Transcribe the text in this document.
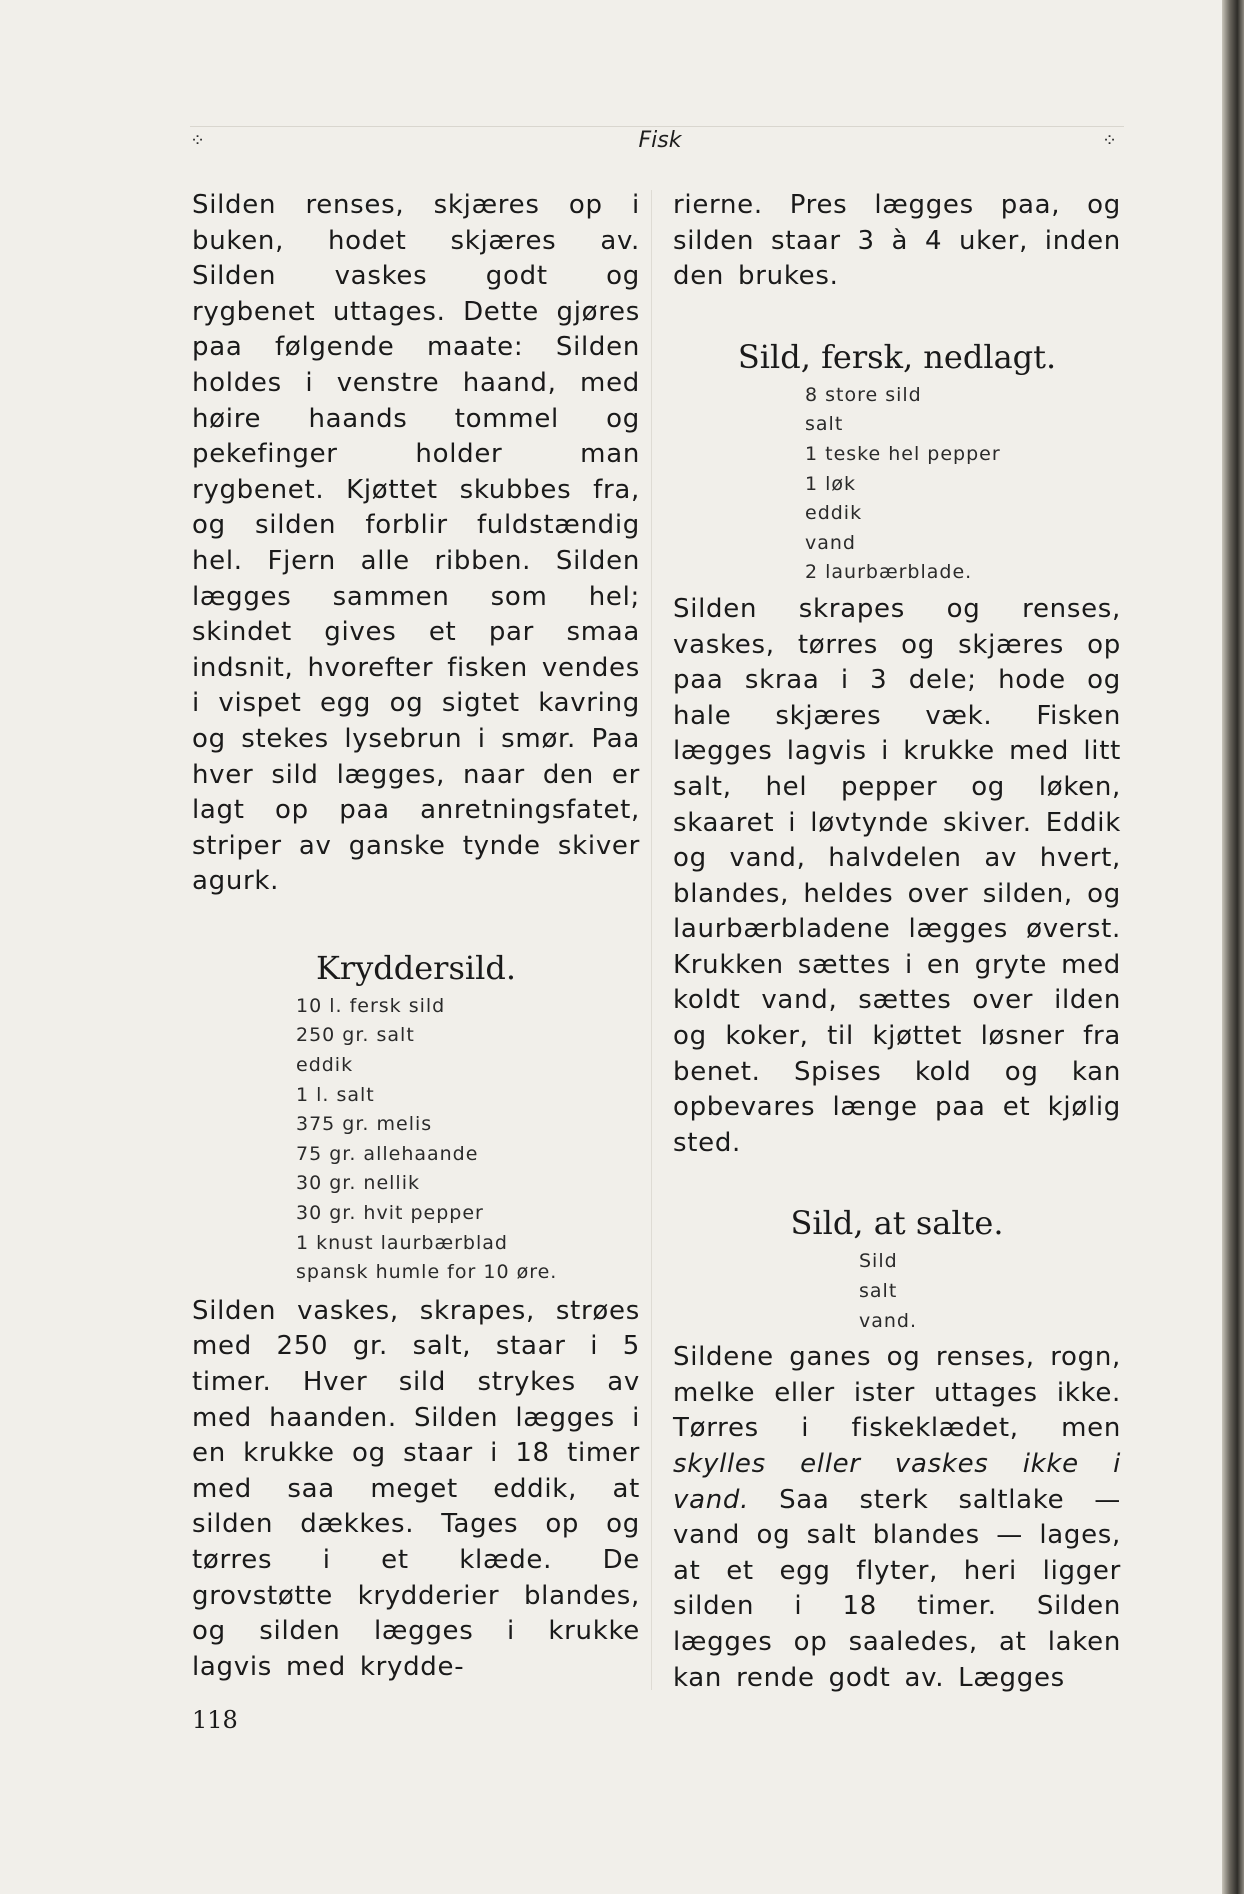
⁘	Fisk	⁘

Silden renses, skjæres op i buken, hodet skjæres av. Silden vaskes godt og rygbenet uttages. Dette gjøres paa følgende maate: Silden holdes i venstre haand, med høire haands tommel og pekefinger holder man rygbenet. Kjøttet skubbes fra, og silden forblir fuldstændig hel. Fjern alle ribben. Silden lægges sammen som hel; skindet gives et par smaa indsnit, hvorefter fisken vendes i vispet egg og sigtet kavring og stekes lysebrun i smør. Paa hver sild lægges, naar den er lagt op paa anretningsfatet, striper av ganske tynde skiver agurk.

Kryddersild.
10 l. fersk sild
250 gr. salt
eddik
1 l. salt
375 gr. melis
75 gr. allehaande
30 gr. nellik
30 gr. hvit pepper
1 knust laurbærblad
spansk humle for 10 øre.

Silden vaskes, skrapes, strøes med 250 gr. salt, staar i 5 timer. Hver sild strykes av med haanden. Silden lægges i en krukke og staar i 18 timer med saa meget eddik, at silden dækkes. Tages op og tørres i et klæde. De grovstøtte krydderier blandes, og silden lægges i krukke lagvis med krydde-

rierne. Pres lægges paa, og silden staar 3 à 4 uker, inden den brukes.

Sild, fersk, nedlagt.
8 store sild
salt
1 teske hel pepper
1 løk
eddik
vand
2 laurbærblade.

Silden skrapes og renses, vaskes, tørres og skjæres op paa skraa i 3 dele; hode og hale skjæres væk. Fisken lægges lagvis i krukke med litt salt, hel pepper og løken, skaaret i løvtynde skiver. Eddik og vand, halvdelen av hvert, blandes, heldes over silden, og laurbærbladene lægges øverst. Krukken sættes i en gryte med koldt vand, sættes over ilden og koker, til kjøttet løsner fra benet. Spises kold og kan opbevares længe paa et kjølig sted.

Sild, at salte.
Sild
salt
vand.

Sildene ganes og renses, rogn, melke eller ister uttages ikke. Tørres i fiskeklædet, men skylles eller vaskes ikke i vand. Saa sterk saltlake — vand og salt blandes — lages, at et egg flyter, heri ligger silden i 18 timer. Silden lægges op saaledes, at laken kan rende godt av. Lægges

118
